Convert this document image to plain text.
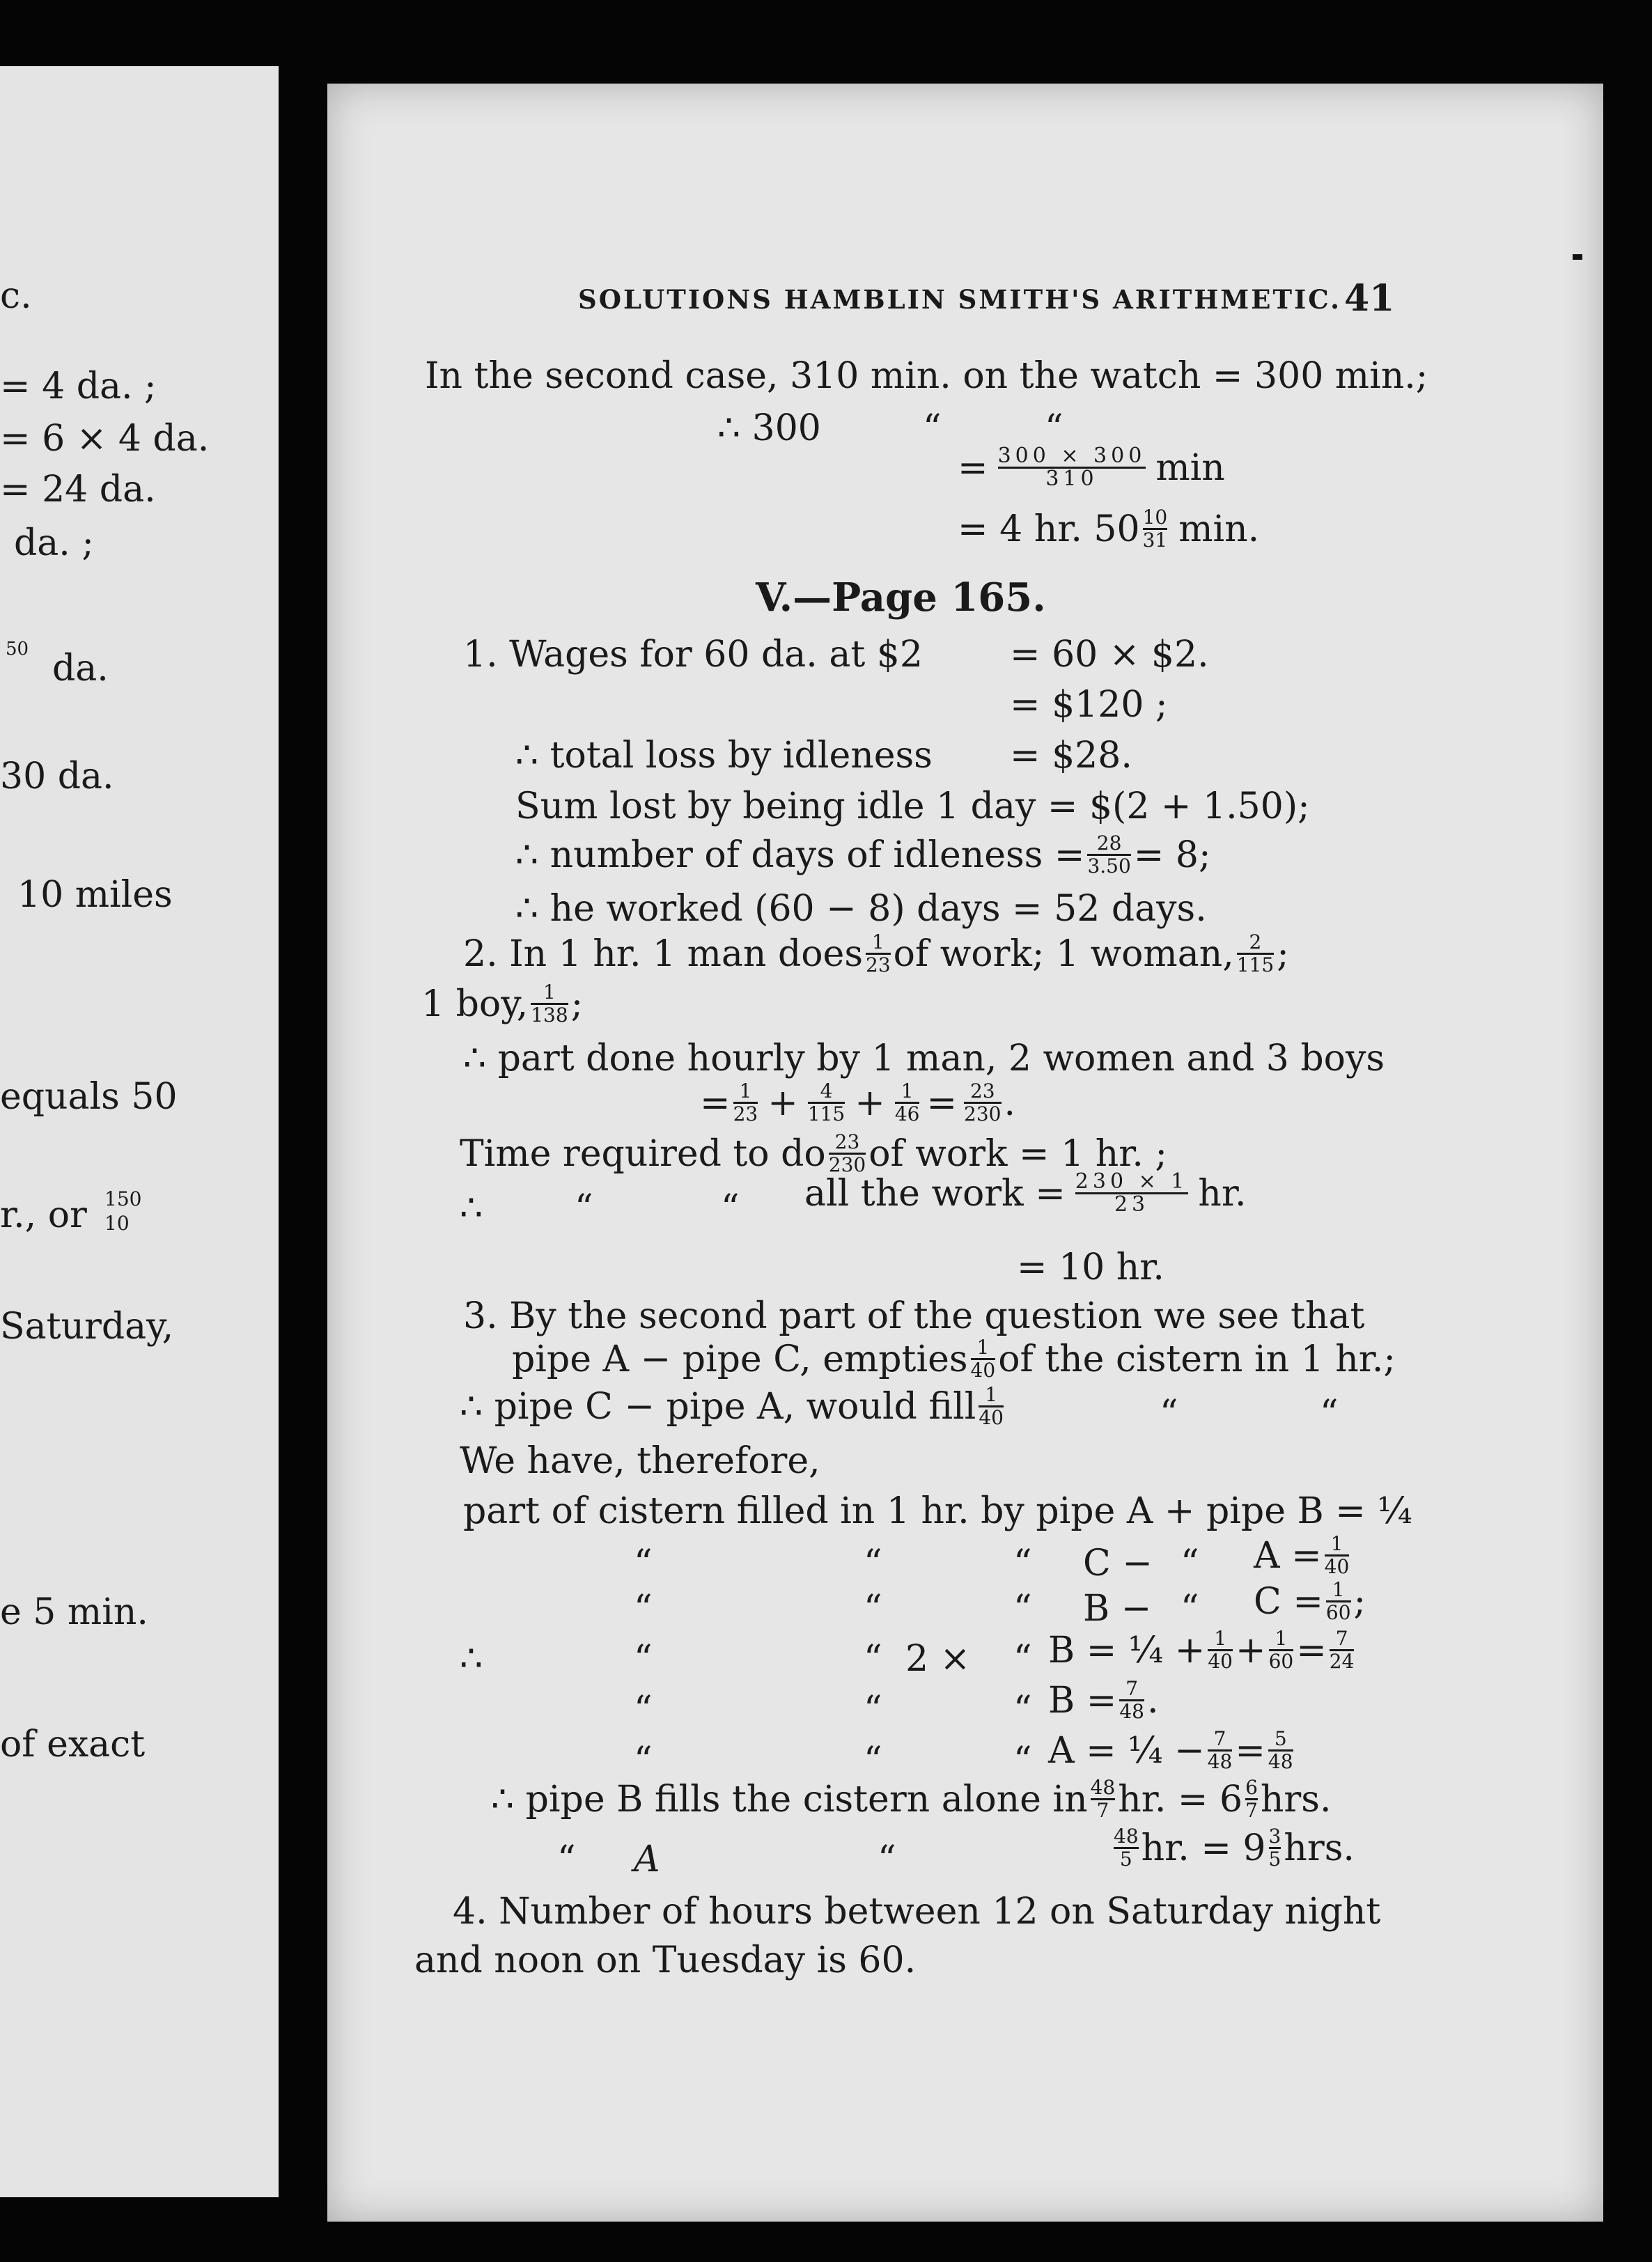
c.
= 4 da. ;
= 6 × 4 da.
= 24 da.
da. ;
da.
50
30 da.
10 miles
equals 50
r., or 150
10
Saturday,
e 5 min.
of exact
SOLUTIONS HAMBLIN SMITH'S ARITHMETIC. 41
In the second case, 310 min. on the watch = 300 min.;
∴ 300	“	“
= $\frac{300 \times 300}{310}$ min
= 4 hr. $50 \frac{10}{31} \min$.
V.—Page 165.
1. Wages for 60 da. at $2 = 60 × $2.
= $120 ;
∴ total loss by idleness = $28.
Sum lost by being idle 1 day = $(2 + 1.50);
∴ number of days of idleness = $\frac{28}{3.50} = 8$;
∴ he worked (60 − 8) days = 52 days.
2. In 1 hr. 1 man does $\frac{1}{23}$ of work; 1 woman, $\frac{2}{115}$ ;
1 boy, $\frac{1}{138}$ ;
∴ part done hourly by 1 man, 2 women and 3 boys
= $\frac{1}{23} + \frac{4}{115} + \frac{1}{46} = \frac{23}{230}$ .
Time required to do $\frac{23}{230}$ of work = 1 hr. ;
∴	“	“ all the work = $\frac{230 \times 1}{23}$ hr.
= 10 hr.
3. By the second part of the question we see that
pipe A − pipe C, empties $\frac{1}{40}$ of the cistern in 1 hr.;
∴ pipe C − pipe A, would fill $\frac{1}{40}$	“	“
We have, therefore,
part of cistern filled in 1 hr. by pipe A + pipe B = ¼
“	“	“ C − “ $A = \frac{1}{40}$
“	“	“ B − “ $C = \frac{1}{60}$ ;
∴	“	“ 2 × “ B = ¼ + $\frac{1}{40} + \frac{1}{60} = \frac{7}{24}$
“	“	“ $B = \frac{7}{48}$ .
“	“	“ A = ¼ − $\frac{7}{48} = \frac{5}{48}$
∴ pipe B fills the cistern alone in $\frac{48}{7}$ hr. = $6 \frac{6}{7}$ hrs.
“ A	“	$\frac{48}{5}$ hr. = $9 \frac{3}{5}$ hrs.
4. Number of hours between 12 on Saturday night
and noon on Tuesday is 60.
